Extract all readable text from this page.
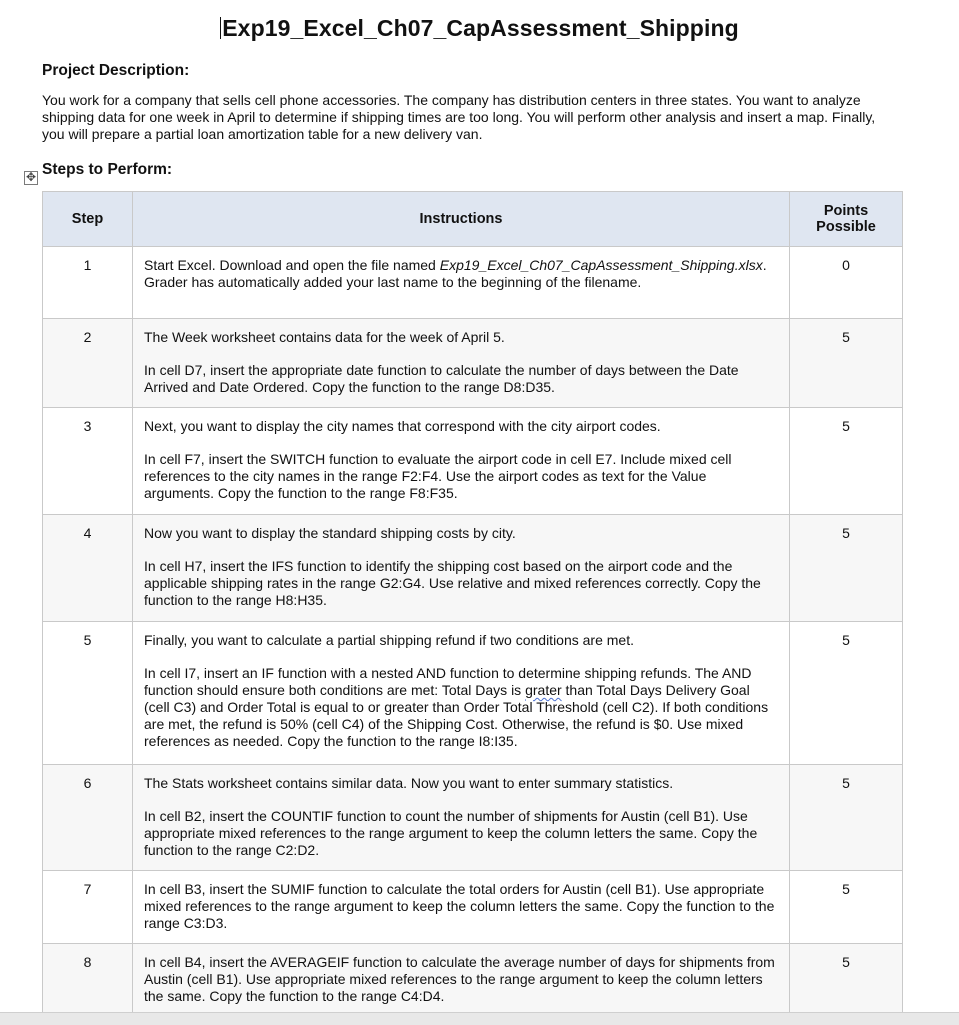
Exp19_Excel_Ch07_CapAssessment_Shipping
Project Description:
You work for a company that sells cell phone accessories. The company has distribution centers in three states. You want to analyze shipping data for one week in April to determine if shipping times are too long. You will perform other analysis and insert a map. Finally, you will prepare a partial loan amortization table for a new delivery van.
✥ Steps to Perform:
Step	Instructions	Points
Possible
1	Start Excel. Download and open the file named Exp19_Excel_Ch07_CapAssessment_Shipping.xlsx. Grader has automatically added your last name to the beginning of the filename.	0
2	The Week worksheet contains data for the week of April 5.
In cell D7, insert the appropriate date function to calculate the number of days between the Date Arrived and Date Ordered. Copy the function to the range D8:D35.	5
3	Next, you want to display the city names that correspond with the city airport codes.
In cell F7, insert the SWITCH function to evaluate the airport code in cell E7. Include mixed cell references to the city names in the range F2:F4. Use the airport codes as text for the Value arguments. Copy the function to the range F8:F35.	5
4	Now you want to display the standard shipping costs by city.
In cell H7, insert the IFS function to identify the shipping cost based on the airport code and the applicable shipping rates in the range G2:G4. Use relative and mixed references correctly. Copy the function to the range H8:H35.	5
5	Finally, you want to calculate a partial shipping refund if two conditions are met.
In cell I7, insert an IF function with a nested AND function to determine shipping refunds. The AND function should ensure both conditions are met: Total Days is grater than Total Days Delivery Goal (cell C3) and Order Total is equal to or greater than Order Total Threshold (cell C2). If both conditions are met, the refund is 50% (cell C4) of the Shipping Cost. Otherwise, the refund is $0. Use mixed references as needed. Copy the function to the range I8:I35.	5
6	The Stats worksheet contains similar data. Now you want to enter summary statistics.
In cell B2, insert the COUNTIF function to count the number of shipments for Austin (cell B1). Use appropriate mixed references to the range argument to keep the column letters the same. Copy the function to the range C2:D2.	5
7	In cell B3, insert the SUMIF function to calculate the total orders for Austin (cell B1). Use appropriate mixed references to the range argument to keep the column letters the same. Copy the function to the range C3:D3.	5
8	In cell B4, insert the AVERAGEIF function to calculate the average number of days for shipments from Austin (cell B1). Use appropriate mixed references to the range argument to keep the column letters the same. Copy the function to the range C4:D4.	5
